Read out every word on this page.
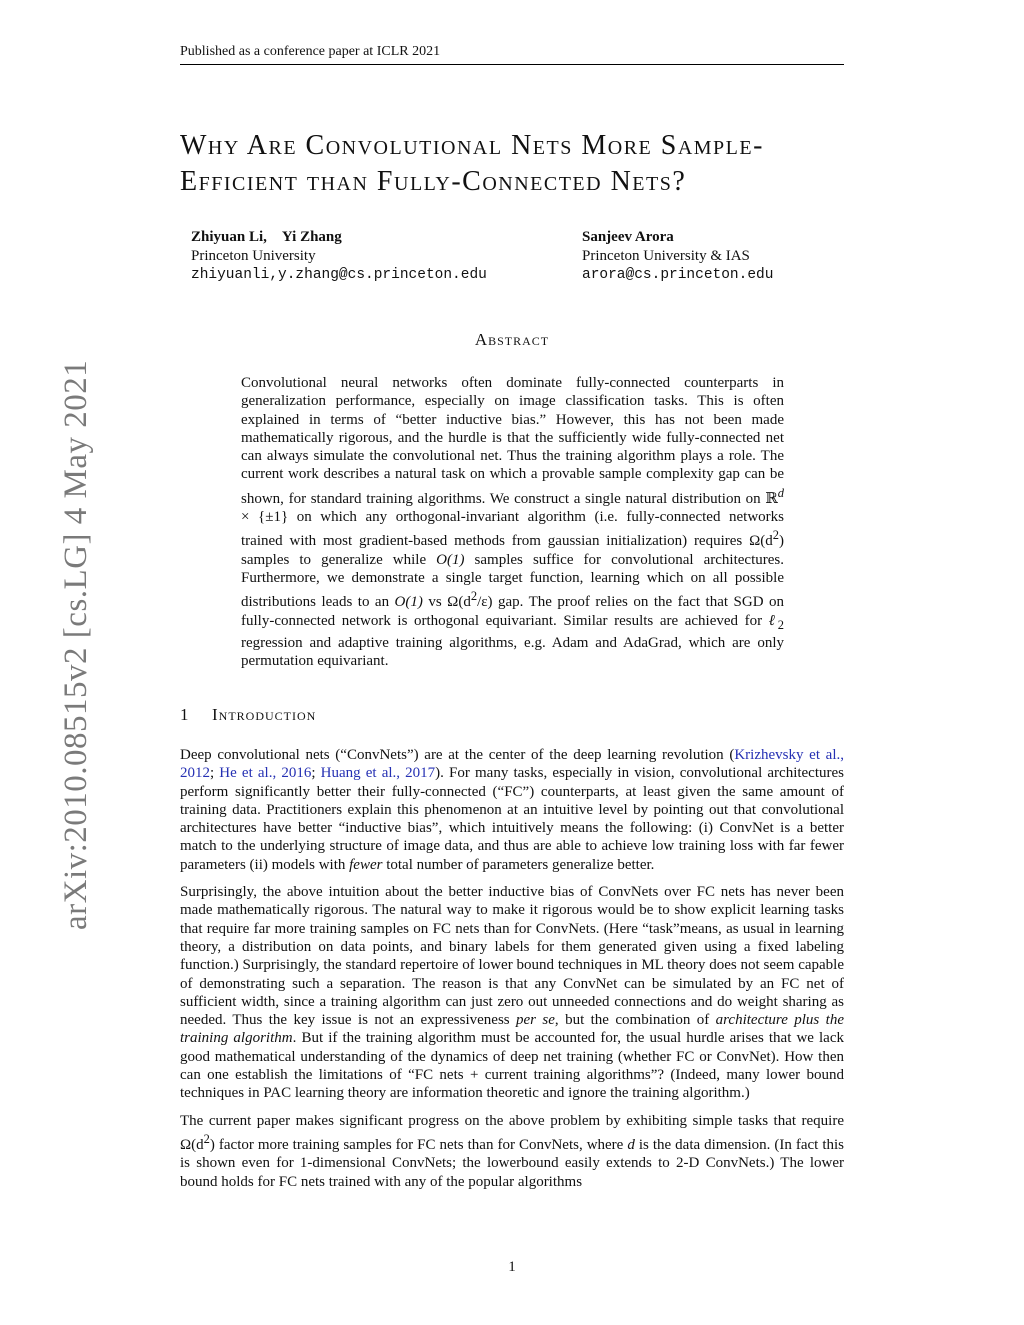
Published as a conference paper at ICLR 2021
arXiv:2010.08515v2 [cs.LG] 4 May 2021
Why Are Convolutional Nets More Sample-
Efficient than Fully-Connected Nets?
Zhiyuan Li, Yi Zhang
Princeton University
zhiyuanli,y.zhang@cs.princeton.edu
Sanjeev Arora
Princeton University & IAS
arora@cs.princeton.edu
Abstract
Convolutional neural networks often dominate fully-connected counterparts in generalization performance, especially on image classification tasks. This is often explained in terms of “better inductive bias.” However, this has not been made mathematically rigorous, and the hurdle is that the sufficiently wide fully-connected net can always simulate the convolutional net. Thus the training algorithm plays a role. The current work describes a natural task on which a provable sample complexity gap can be shown, for standard training algorithms. We construct a single natural distribution on ℝ$^d$ × {±1} on which any orthogonal-invariant algorithm (i.e. fully-connected networks trained with most gradient-based methods from gaussian initialization) requires $\Omega(d^2)$ samples to generalize while O(1) samples suffice for convolutional architectures. Furthermore, we demonstrate a single target function, learning which on all possible distributions leads to an O(1) vs $\Omega(d^2/\varepsilon)$ gap. The proof relies on the fact that SGD on fully-connected network is orthogonal equivariant. Similar results are achieved for ℓ$_2$ regression and adaptive training algorithms, e.g. Adam and AdaGrad, which are only permutation equivariant.
1 Introduction

Deep convolutional nets (“ConvNets”) are at the center of the deep learning revolution (Krizhevsky et al., 2012; He et al., 2016; Huang et al., 2017). For many tasks, especially in vision, convolutional architectures perform significantly better their fully-connected (“FC”) counterparts, at least given the same amount of training data. Practitioners explain this phenomenon at an intuitive level by pointing out that convolutional architectures have better “inductive bias”, which intuitively means the following: (i) ConvNet is a better match to the underlying structure of image data, and thus are able to achieve low training loss with far fewer parameters (ii) models with fewer total number of parameters generalize better.

Surprisingly, the above intuition about the better inductive bias of ConvNets over FC nets has never been made mathematically rigorous. The natural way to make it rigorous would be to show explicit learning tasks that require far more training samples on FC nets than for ConvNets. (Here “task”means, as usual in learning theory, a distribution on data points, and binary labels for them generated given using a fixed labeling function.) Surprisingly, the standard repertoire of lower bound techniques in ML theory does not seem capable of demonstrating such a separation. The reason is that any ConvNet can be simulated by an FC net of sufficient width, since a training algorithm can just zero out unneeded connections and do weight sharing as needed. Thus the key issue is not an expressiveness per se, but the combination of architecture plus the training algorithm. But if the training algorithm must be accounted for, the usual hurdle arises that we lack good mathematical understanding of the dynamics of deep net training (whether FC or ConvNet). How then can one establish the limitations of “FC nets + current training algorithms”? (Indeed, many lower bound techniques in PAC learning theory are information theoretic and ignore the training algorithm.)

The current paper makes significant progress on the above problem by exhibiting simple tasks that require $\Omega(d^2)$ factor more training samples for FC nets than for ConvNets, where d is the data dimension. (In fact this is shown even for 1-dimensional ConvNets; the lowerbound easily extends to 2-D ConvNets.) The lower bound holds for FC nets trained with any of the popular algorithms

1
